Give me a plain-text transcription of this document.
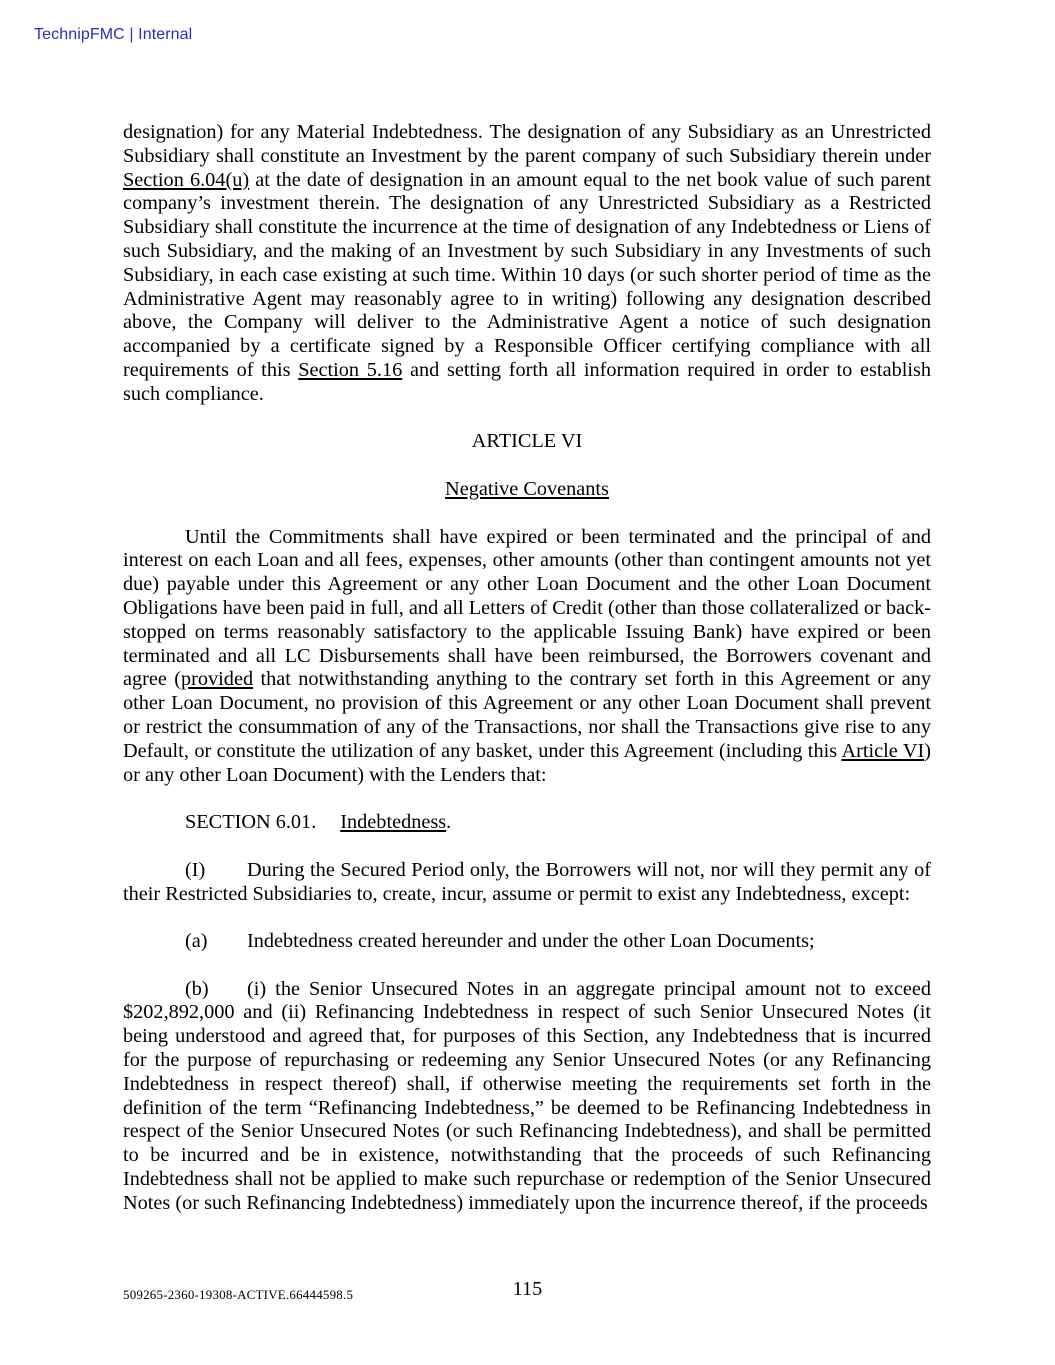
TechnipFMC | Internal

designation) for any Material Indebtedness. The designation of any Subsidiary as an Unrestricted Subsidiary shall constitute an Investment by the parent company of such Subsidiary therein under Section 6.04(u) at the date of designation in an amount equal to the net book value of such parent company’s investment therein. The designation of any Unrestricted Subsidiary as a Restricted Subsidiary shall constitute the incurrence at the time of designation of any Indebtedness or Liens of such Subsidiary, and the making of an Investment by such Subsidiary in any Investments of such Subsidiary, in each case existing at such time. Within 10 days (or such shorter period of time as the Administrative Agent may reasonably agree to in writing) following any designation described above, the Company will deliver to the Administrative Agent a notice of such designation accompanied by a certificate signed by a Responsible Officer certifying compliance with all requirements of this Section 5.16 and setting forth all information required in order to establish such compliance.

ARTICLE VI

Negative Covenants

Until the Commitments shall have expired or been terminated and the principal of and interest on each Loan and all fees, expenses, other amounts (other than contingent amounts not yet due) payable under this Agreement or any other Loan Document and the other Loan Document Obligations have been paid in full, and all Letters of Credit (other than those collateralized or back-stopped on terms reasonably satisfactory to the applicable Issuing Bank) have expired or been terminated and all LC Disbursements shall have been reimbursed, the Borrowers covenant and agree (provided that notwithstanding anything to the contrary set forth in this Agreement or any other Loan Document, no provision of this Agreement or any other Loan Document shall prevent or restrict the consummation of any of the Transactions, nor shall the Transactions give rise to any Default, or constitute the utilization of any basket, under this Agreement (including this Article VI) or any other Loan Document) with the Lenders that:

SECTION 6.01. Indebtedness.

(I) During the Secured Period only, the Borrowers will not, nor will they permit any of their Restricted Subsidiaries to, create, incur, assume or permit to exist any Indebtedness, except:

(a) Indebtedness created hereunder and under the other Loan Documents;

(b) (i) the Senior Unsecured Notes in an aggregate principal amount not to exceed $202,892,000 and (ii) Refinancing Indebtedness in respect of such Senior Unsecured Notes (it being understood and agreed that, for purposes of this Section, any Indebtedness that is incurred for the purpose of repurchasing or redeeming any Senior Unsecured Notes (or any Refinancing Indebtedness in respect thereof) shall, if otherwise meeting the requirements set forth in the definition of the term “Refinancing Indebtedness,” be deemed to be Refinancing Indebtedness in respect of the Senior Unsecured Notes (or such Refinancing Indebtedness), and shall be permitted to be incurred and be in existence, notwithstanding that the proceeds of such Refinancing Indebtedness shall not be applied to make such repurchase or redemption of the Senior Unsecured Notes (or such Refinancing Indebtedness) immediately upon the incurrence thereof, if the proceeds

509265-2360-19308-ACTIVE.66444598.5	115
